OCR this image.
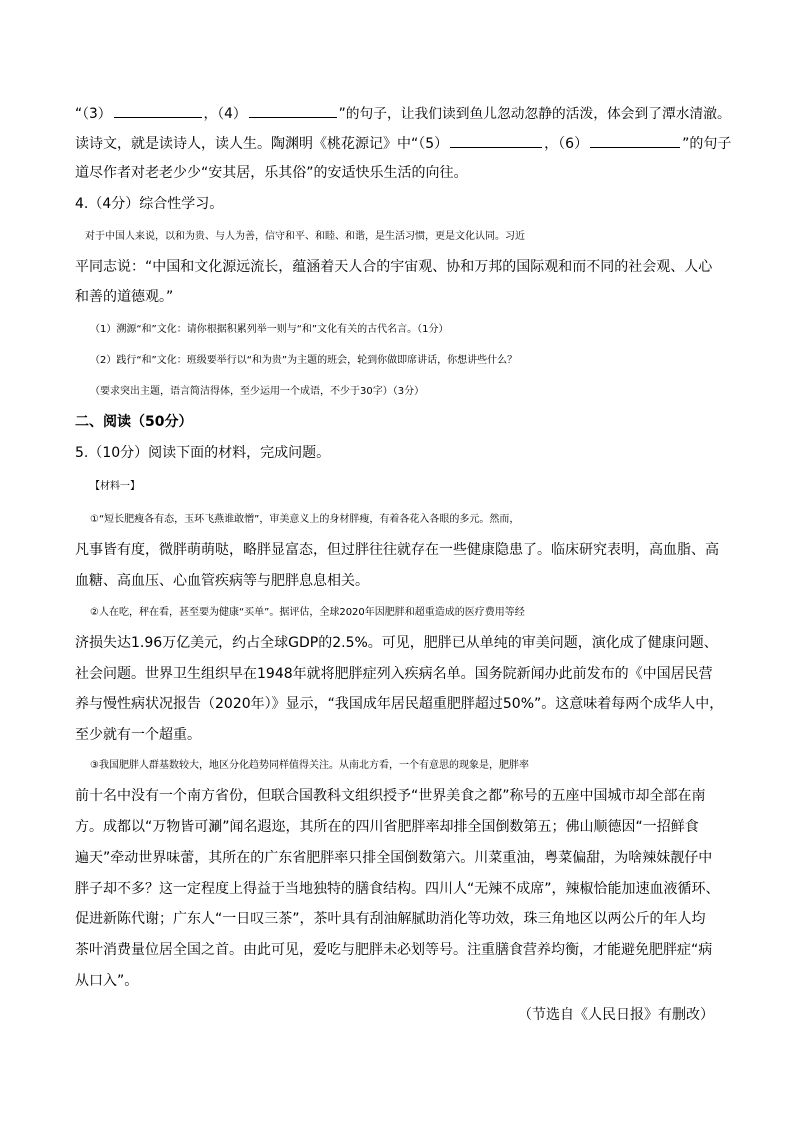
“（3）	，（4）	”的句子，让我们读到鱼儿忽动忽静的活泼，体会到了潭水清澈。
读诗文，就是读诗人，读人生。陶渊明《桃花源记》中“（5）	，（6）	”的句子
道尽作者对老老少少“安其居，乐其俗”的安适快乐生活的向往。
4.（4分）综合性学习。
对于中国人来说，以和为贵、与人为善，信守和平、和睦、和谐，是生活习惯，更是文化认同。习近
平同志说：“中国和文化源远流长，蕴涵着天人合的宇宙观、协和万邦的国际观和而不同的社会观、人心
和善的道德观。”
（1）溯源“和”文化：请你根据积累列举一则与“和”文化有关的古代名言。（1分）
（2）践行“和”文化：班级要举行以“和为贵”为主题的班会，轮到你做即席讲话，你想讲些什么？
（要求突出主题，语言简洁得体，至少运用一个成语，不少于30字）（3分）
二、阅读（50分）
5.（10分）阅读下面的材料，完成问题。
【材料一】
①“短长肥瘦各有态，玉环飞燕谁敢憎”，审美意义上的身材胖瘦，有着各花入各眼的多元。然而，
凡事皆有度，微胖萌萌哒，略胖显富态，但过胖往往就存在一些健康隐患了。临床研究表明，高血脂、高
血糖、高血压、心血管疾病等与肥胖息息相关。
②人在吃，秤在看，甚至要为健康“买单”。据评估，全球2020年因肥胖和超重造成的医疗费用等经
济损失达1.96万亿美元，约占全球GDP的2.5%。可见，肥胖已从单纯的审美问题，演化成了健康问题、
社会问题。世界卫生组织早在1948年就将肥胖症列入疾病名单。国务院新闻办此前发布的《中国居民营
养与慢性病状况报告（2020年）》显示，“我国成年居民超重肥胖超过50%”。这意味着每两个成华人中，
至少就有一个超重。
③我国肥胖人群基数较大，地区分化趋势同样值得关注。从南北方看，一个有意思的现象是，肥胖率
前十名中没有一个南方省份，但联合国教科文组织授予“世界美食之都”称号的五座中国城市却全部在南
方。成都以“万物皆可涮”闻名遐迩，其所在的四川省肥胖率却排全国倒数第五；佛山顺德因“一招鲜食
遍天”牵动世界味蕾，其所在的广东省肥胖率只排全国倒数第六。川菜重油，粤菜偏甜，为啥辣妹靓仔中
胖子却不多？这一定程度上得益于当地独特的膳食结构。四川人“无辣不成席”，辣椒恰能加速血液循环、
促进新陈代谢；广东人“一日叹三茶”，茶叶具有刮油解腻助消化等功效，珠三角地区以两公斤的年人均
茶叶消费量位居全国之首。由此可见，爱吃与肥胖未必划等号。注重膳食营养均衡，才能避免肥胖症“病
从口入”。
（节选自《人民日报》有删改）
